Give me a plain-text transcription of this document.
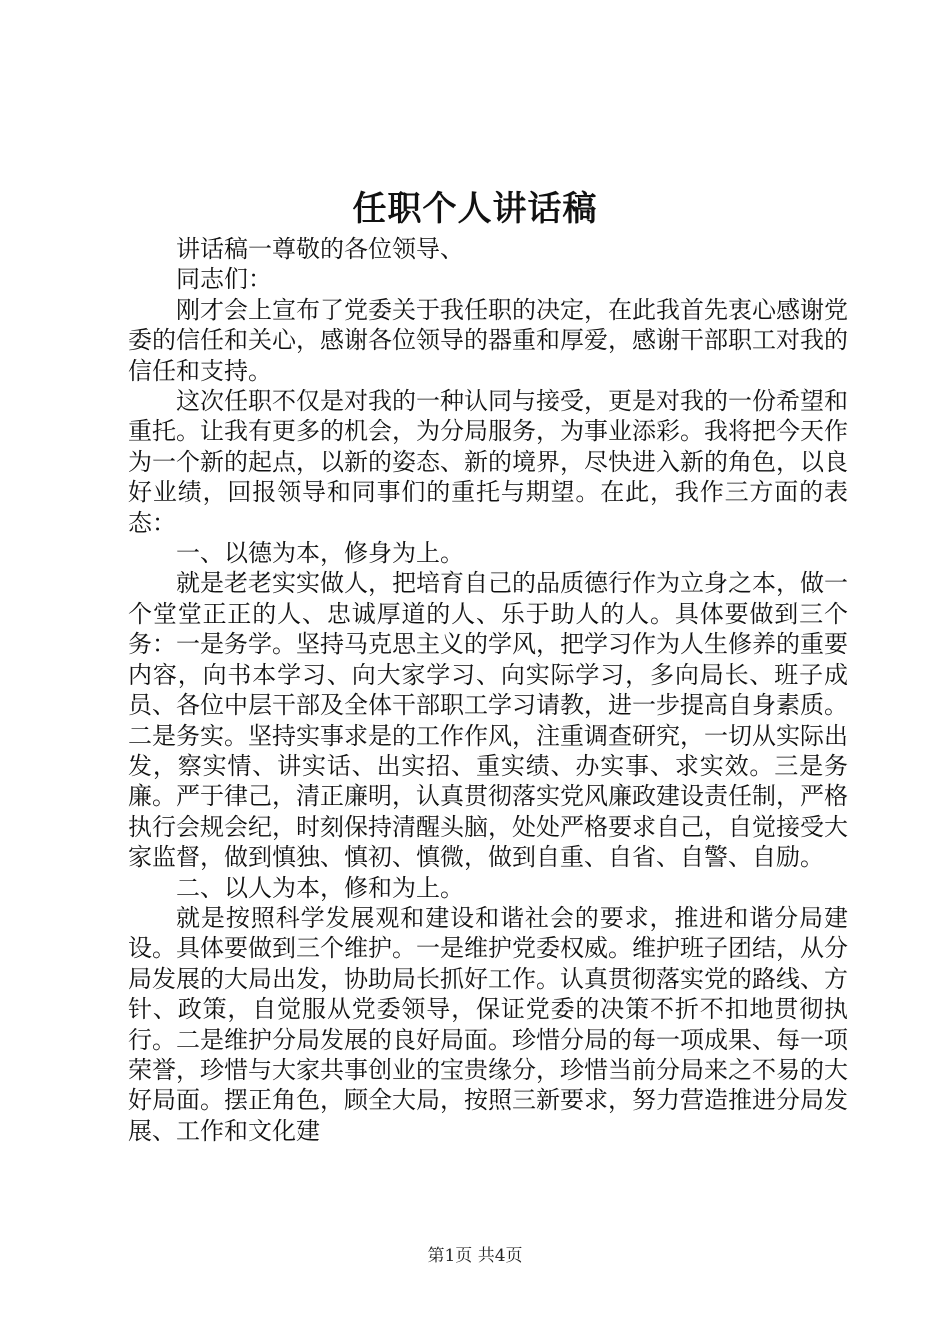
任职个人讲话稿

讲话稿一尊敬的各位领导、

同志们：

刚才会上宣布了党委关于我任职的决定，在此我首先衷心感谢党委的信任和关心，感谢各位领导的器重和厚爱，感谢干部职工对我的信任和支持。

这次任职不仅是对我的一种认同与接受，更是对我的一份希望和重托。让我有更多的机会，为分局服务，为事业添彩。我将把今天作为一个新的起点，以新的姿态、新的境界，尽快进入新的角色，以良好业绩，回报领导和同事们的重托与期望。在此，我作三方面的表态：

一、以德为本，修身为上。

就是老老实实做人，把培育自己的品质德行作为立身之本，做一个堂堂正正的人、忠诚厚道的人、乐于助人的人。具体要做到三个务：一是务学。坚持马克思主义的学风，把学习作为人生修养的重要内容，向书本学习、向大家学习、向实际学习，多向局长、班子成员、各位中层干部及全体干部职工学习请教，进一步提高自身素质。二是务实。坚持实事求是的工作作风，注重调查研究，一切从实际出发，察实情、讲实话、出实招、重实绩、办实事、求实效。三是务廉。严于律己，清正廉明，认真贯彻落实党风廉政建设责任制，严格执行会规会纪，时刻保持清醒头脑，处处严格要求自己，自觉接受大家监督，做到慎独、慎初、慎微，做到自重、自省、自警、自励。

二、以人为本，修和为上。

就是按照科学发展观和建设和谐社会的要求，推进和谐分局建设。具体要做到三个维护。一是维护党委权威。维护班子团结，从分局发展的大局出发，协助局长抓好工作。认真贯彻落实党的路线、方针、政策，自觉服从党委领导，保证党委的决策不折不扣地贯彻执行。二是维护分局发展的良好局面。珍惜分局的每一项成果、每一项荣誉，珍惜与大家共事创业的宝贵缘分，珍惜当前分局来之不易的大好局面。摆正角色，顾全大局，按照三新要求，努力营造推进分局发展、工作和文化建

第1页 共4页
